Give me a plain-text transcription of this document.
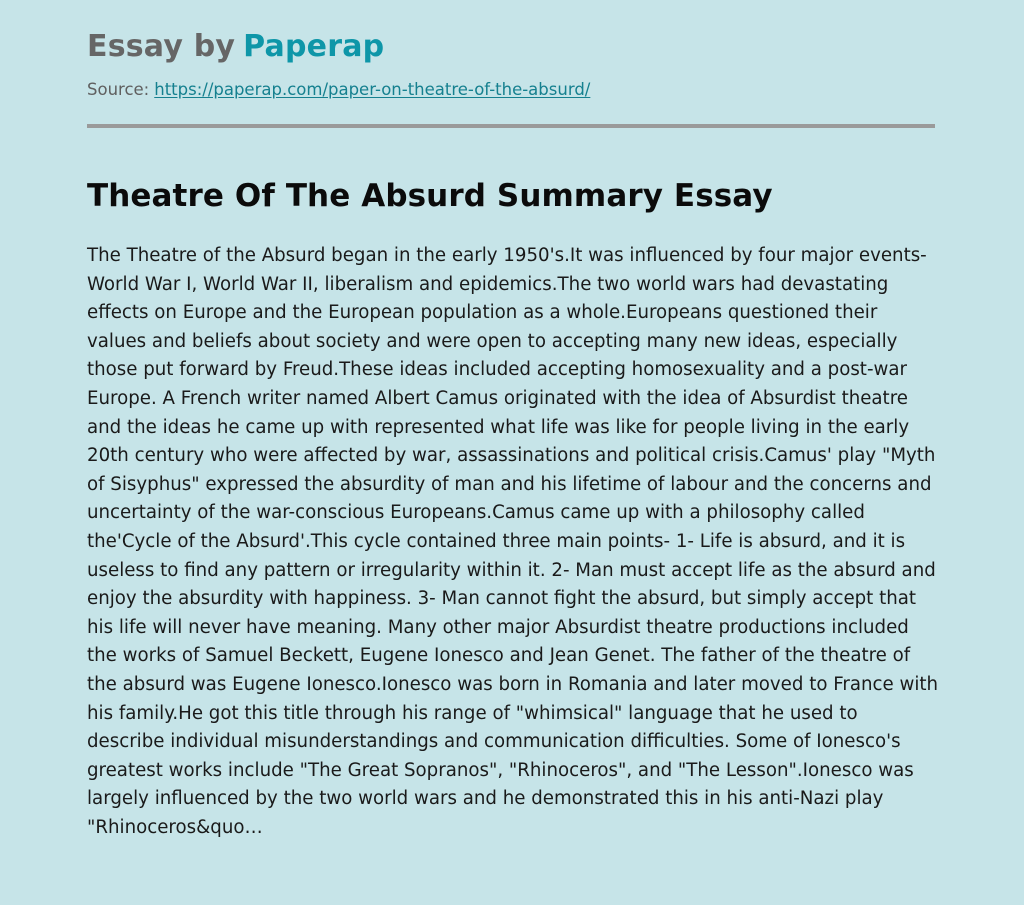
Essay by Paperap
Source: https://paperap.com/paper-on-theatre-of-the-absurd/
Theatre Of The Absurd Summary Essay

The Theatre of the Absurd began in the early 1950's.It was influenced by four major events-World War I, World War II, liberalism and epidemics.The two world wars had devastating effects on Europe and the European population as a whole.Europeans questioned their values and beliefs about society and were open to accepting many new ideas, especially those put forward by Freud.These ideas included accepting homosexuality and a post-war Europe. A French writer named Albert Camus originated with the idea of Absurdist theatre and the ideas he came up with represented what life was like for people living in the early 20th century who were affected by war, assassinations and political crisis.Camus' play "Myth of Sisyphus" expressed the absurdity of man and his lifetime of labour and the concerns and uncertainty of the war-conscious Europeans.Camus came up with a philosophy called the'Cycle of the Absurd'.This cycle contained three main points- 1- Life is absurd, and it is useless to find any pattern or irregularity within it. 2- Man must accept life as the absurd and enjoy the absurdity with happiness. 3- Man cannot fight the absurd, but simply accept that his life will never have meaning. Many other major Absurdist theatre productions included the works of Samuel Beckett, Eugene Ionesco and Jean Genet. The father of the theatre of the absurd was Eugene Ionesco.Ionesco was born in Romania and later moved to France with his family.He got this title through his range of "whimsical" language that he used to describe individual misunderstandings and communication difficulties. Some of Ionesco's greatest works include "The Great Sopranos", "Rhinoceros", and "The Lesson".Ionesco was largely influenced by the two world wars and he demonstrated this in his anti-Nazi play "Rhinoceros&quo…
